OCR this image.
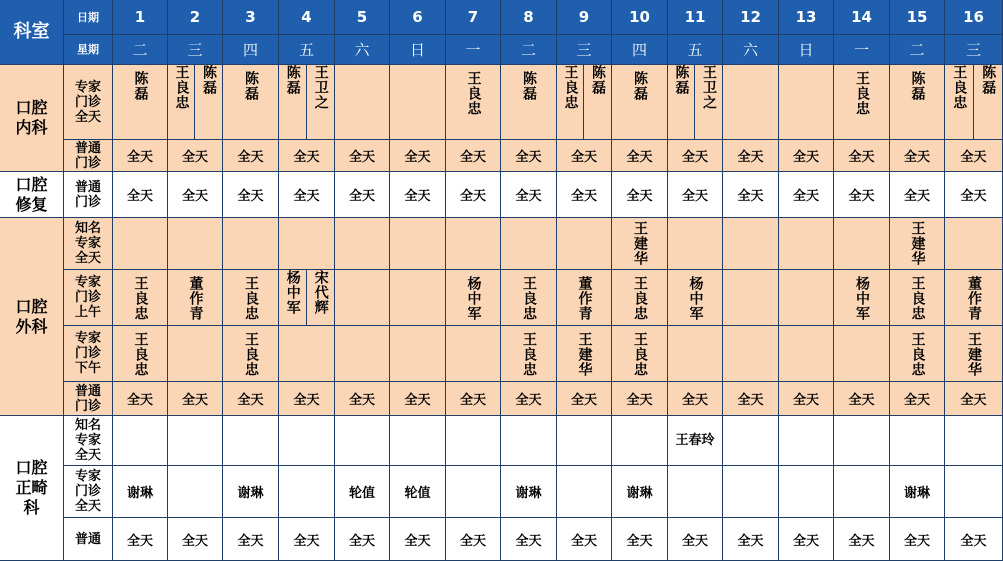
科室
日期
星期
1
二
2
三
3
四
4
五
5
六
6
日
7
一
8
二
9
三
10
四
11
五
12
六
13
日
14
一
15
二
16
三
口腔
内科
口腔
修复
口腔
外科
口腔
正畸
科
专家
门诊
全天
普通
门诊
普通
门诊
知名
专家
全天
专家
门诊
上午
专家
门诊
下午
普通
门诊
知名
专家
全天
专家
门诊
全天
普通
陈磊
全天
全天
王良忠
王良忠
全天
谢琳
全天
王良忠 陈磊
全天
全天
董作青
全天
全天
陈磊
全天
全天
王良忠
王良忠
全天
谢琳
全天
陈磊 王卫之
全天
全天
杨中军 宋代辉
全天
全天
全天
全天
全天
轮值
全天
全天
全天
全天
轮值
全天
王良忠
全天
全天
杨中军
全天
全天
陈磊
全天
全天
王良忠
王良忠
全天
谢琳
全天
王良忠 陈磊
全天
全天
董作青
王建华
全天
全天
陈磊
全天
全天
王建华
王良忠
王良忠
全天
谢琳
全天
陈磊 王卫之
全天
全天
杨中军
全天
王春玲
全天
全天
全天
全天
全天
全天
全天
全天
全天
王良忠
全天
全天
杨中军
全天
全天
陈磊
全天
全天
王建华
王良忠
王良忠
全天
谢琳
全天
王良忠 陈磊
全天
全天
董作青
王建华
全天
全天
